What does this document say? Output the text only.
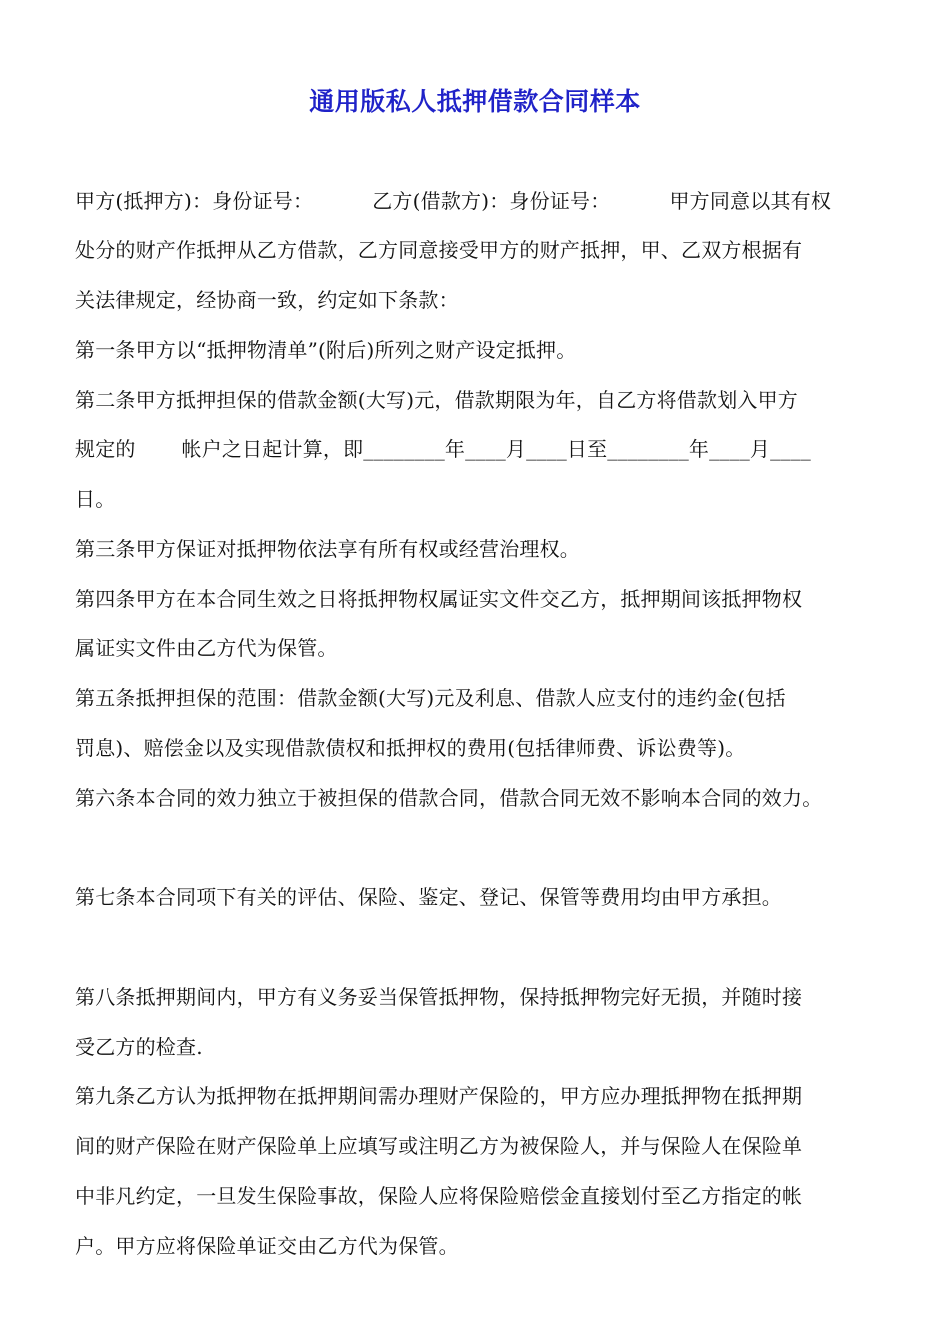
通用版私人抵押借款合同样本
甲方(抵押方)：身份证号：         乙方(借款方)：身份证号：         甲方同意以其有权
处分的财产作抵押从乙方借款，乙方同意接受甲方的财产抵押，甲、乙双方根据有
关法律规定，经协商一致，约定如下条款：
第一条甲方以“抵押物清单”(附后)所列之财产设定抵押。
第二条甲方抵押担保的借款金额(大写)元，借款期限为年，自乙方将借款划入甲方
规定的       帐户之日起计算，即________年____月____日至________年____月____
日。
第三条甲方保证对抵押物依法享有所有权或经营治理权。
第四条甲方在本合同生效之日将抵押物权属证实文件交乙方，抵押期间该抵押物权
属证实文件由乙方代为保管。
第五条抵押担保的范围：借款金额(大写)元及利息、借款人应支付的违约金(包括
罚息)、赔偿金以及实现借款债权和抵押权的费用(包括律师费、诉讼费等)。
第六条本合同的效力独立于被担保的借款合同，借款合同无效不影响本合同的效力。
第七条本合同项下有关的评估、保险、鉴定、登记、保管等费用均由甲方承担。
第八条抵押期间内，甲方有义务妥当保管抵押物，保持抵押物完好无损，并随时接
受乙方的检查.
第九条乙方认为抵押物在抵押期间需办理财产保险的，甲方应办理抵押物在抵押期
间的财产保险在财产保险单上应填写或注明乙方为被保险人，并与保险人在保险单
中非凡约定，一旦发生保险事故，保险人应将保险赔偿金直接划付至乙方指定的帐
户。甲方应将保险单证交由乙方代为保管。
